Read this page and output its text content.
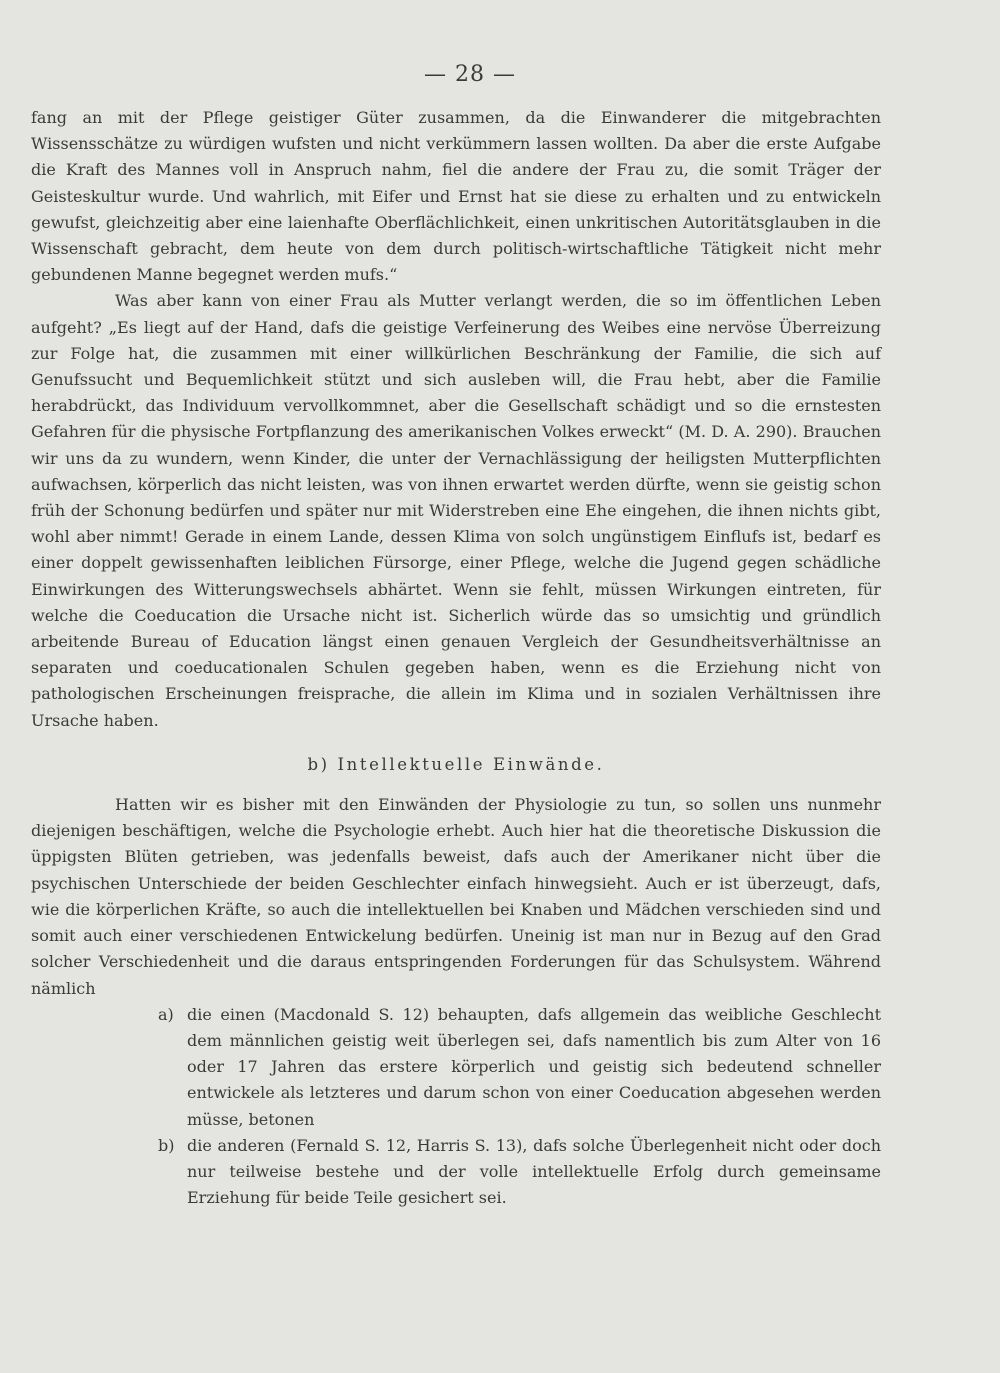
— 28 —

fang an mit der Pflege geistiger Güter zusammen, da die Einwanderer die mitgebrachten Wissensschätze zu würdigen wufsten und nicht verkümmern lassen wollten. Da aber die erste Aufgabe die Kraft des Mannes voll in Anspruch nahm, fiel die andere der Frau zu, die somit Träger der Geisteskultur wurde. Und wahrlich, mit Eifer und Ernst hat sie diese zu erhalten und zu entwickeln gewufst, gleichzeitig aber eine laienhafte Oberflächlichkeit, einen unkritischen Autoritätsglauben in die Wissenschaft gebracht, dem heute von dem durch politisch-wirtschaftliche Tätigkeit nicht mehr gebundenen Manne begegnet werden mufs.“

Was aber kann von einer Frau als Mutter verlangt werden, die so im öffentlichen Leben aufgeht? „Es liegt auf der Hand, dafs die geistige Verfeinerung des Weibes eine nervöse Überreizung zur Folge hat, die zusammen mit einer willkürlichen Beschränkung der Familie, die sich auf Genufssucht und Bequemlichkeit stützt und sich ausleben will, die Frau hebt, aber die Familie herabdrückt, das Individuum vervollkommnet, aber die Gesellschaft schädigt und so die ernstesten Gefahren für die physische Fortpflanzung des amerikanischen Volkes erweckt“ (M. D. A. 290). Brauchen wir uns da zu wundern, wenn Kinder, die unter der Vernachlässigung der heiligsten Mutterpflichten aufwachsen, körperlich das nicht leisten, was von ihnen erwartet werden dürfte, wenn sie geistig schon früh der Schonung bedürfen und später nur mit Widerstreben eine Ehe eingehen, die ihnen nichts gibt, wohl aber nimmt! Gerade in einem Lande, dessen Klima von solch ungünstigem Einflufs ist, bedarf es einer doppelt gewissenhaften leiblichen Fürsorge, einer Pflege, welche die Jugend gegen schädliche Einwirkungen des Witterungswechsels abhärtet. Wenn sie fehlt, müssen Wirkungen eintreten, für welche die Coeducation die Ursache nicht ist. Sicherlich würde das so umsichtig und gründlich arbeitende Bureau of Education längst einen genauen Vergleich der Gesundheitsverhältnisse an separaten und coeducationalen Schulen gegeben haben, wenn es die Erziehung nicht von pathologischen Erscheinungen freisprache, die allein im Klima und in sozialen Verhältnissen ihre Ursache haben.

b) Intellektuelle Einwände.

Hatten wir es bisher mit den Einwänden der Physiologie zu tun, so sollen uns nunmehr diejenigen beschäftigen, welche die Psychologie erhebt. Auch hier hat die theoretische Diskussion die üppigsten Blüten getrieben, was jedenfalls beweist, dafs auch der Amerikaner nicht über die psychischen Unterschiede der beiden Geschlechter einfach hinwegsieht. Auch er ist überzeugt, dafs, wie die körperlichen Kräfte, so auch die intellektuellen bei Knaben und Mädchen verschieden sind und somit auch einer verschiedenen Entwickelung bedürfen. Uneinig ist man nur in Bezug auf den Grad solcher Verschiedenheit und die daraus entspringenden Forderungen für das Schulsystem. Während nämlich

a) die einen (Macdonald S. 12) behaupten, dafs allgemein das weibliche Geschlecht dem männlichen geistig weit überlegen sei, dafs namentlich bis zum Alter von 16 oder 17 Jahren das erstere körperlich und geistig sich bedeutend schneller entwickele als letzteres und darum schon von einer Coeducation abgesehen werden müsse, betonen
b) die anderen (Fernald S. 12, Harris S. 13), dafs solche Überlegenheit nicht oder doch nur teilweise bestehe und der volle intellektuelle Erfolg durch gemeinsame Erziehung für beide Teile gesichert sei.
